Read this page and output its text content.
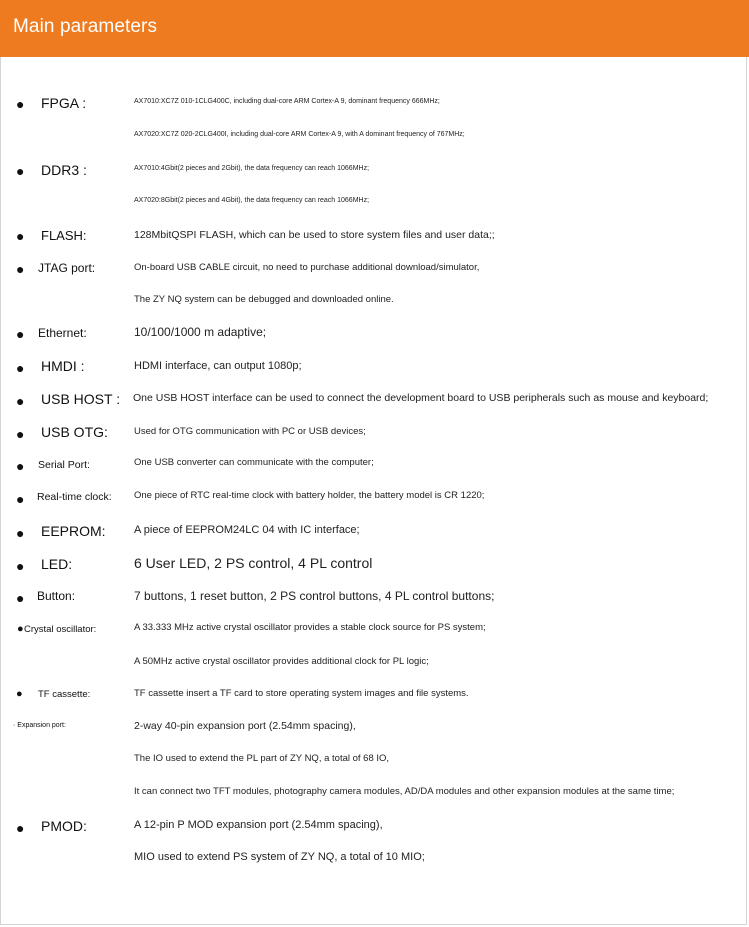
Main parameters
● FPGA :	AX7010:XC7Z 010-1CLG400C, including dual-core ARM Cortex-A 9, dominant frequency 666MHz;
AX7020:XC7Z 020-2CLG400I, including dual-core ARM Cortex-A 9, with A dominant frequency of 767MHz;
● DDR3 :	AX7010:4Gbit(2 pieces and 2Gbit), the data frequency can reach 1066MHz;
AX7020:8Gbit(2 pieces and 4Gbit), the data frequency can reach 1066MHz;
● FLASH:	128MbitQSPI FLASH, which can be used to store system files and user data;;
● JTAG port:	On-board USB CABLE circuit, no need to purchase additional download/simulator,
The ZY NQ system can be debugged and downloaded online.
● Ethernet:	10/100/1000 m adaptive;
● HMDI :	HDMI interface, can output 1080p;
● USB HOST : One USB HOST interface can be used to connect the development board to USB peripherals such as mouse and keyboard;
● USB OTG:	Used for OTG communication with PC or USB devices;
● Serial Port:	One USB converter can communicate with the computer;
● Real-time clock: One piece of RTC real-time clock with battery holder, the battery model is CR 1220;
● EEPROM:	A piece of EEPROM24LC 04 with IC interface;
● LED:	6 User LED, 2 PS control, 4 PL control
● Button:	7 buttons, 1 reset button, 2 PS control buttons, 4 PL control buttons;
● Crystal oscillator:	A 33.333 MHz active crystal oscillator provides a stable clock source for PS system;
A 50MHz active crystal oscillator provides additional clock for PL logic;
● TF cassette:	TF cassette insert a TF card to store operating system images and file systems.
· Expansion port:	2-way 40-pin expansion port (2.54mm spacing),
The IO used to extend the PL part of ZY NQ, a total of 68 IO,
It can connect two TFT modules, photography camera modules, AD/DA modules and other expansion modules at the same time;
● PMOD:	A 12-pin P MOD expansion port (2.54mm spacing),
MIO used to extend PS system of ZY NQ, a total of 10 MIO;
